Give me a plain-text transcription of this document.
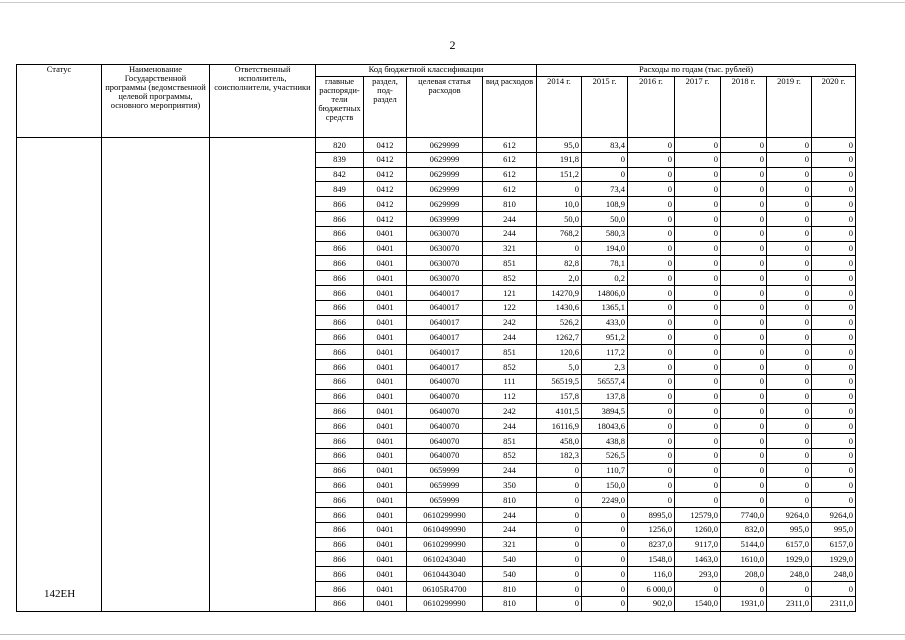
2
Статус	Наименование Государственной программы (ведомственной целевой программы, основного мероприятия)	Ответственный исполнитель, соисполнители, участники	Код бюджетной классификации				Расходы по годам (тыс. рублей)						
			главные распоряди-тели бюджетных средств	раздел, под-раздел	целевая статья расходов	вид расходов	2014 г.	2015 г.	2016 г.	2017 г.	2018 г.	2019 г.	2020 г.
			820	0412	0629999	612	95,0	83,4	0	0	0	0	0
			839	0412	0629999	612	191,8	0	0	0	0	0	0
			842	0412	0629999	612	151,2	0	0	0	0	0	0
			849	0412	0629999	612	0	73,4	0	0	0	0	0
			866	0412	0629999	810	10,0	108,9	0	0	0	0	0
			866	0412	0639999	244	50,0	50,0	0	0	0	0	0
			866	0401	0630070	244	768,2	580,3	0	0	0	0	0
			866	0401	0630070	321	0	194,0	0	0	0	0	0
			866	0401	0630070	851	82,8	78,1	0	0	0	0	0
			866	0401	0630070	852	2,0	0,2	0	0	0	0	0
			866	0401	0640017	121	14270,9	14806,0	0	0	0	0	0
			866	0401	0640017	122	1430,6	1365,1	0	0	0	0	0
			866	0401	0640017	242	526,2	433,0	0	0	0	0	0
			866	0401	0640017	244	1262,7	951,2	0	0	0	0	0
			866	0401	0640017	851	120,6	117,2	0	0	0	0	0
			866	0401	0640017	852	5,0	2,3	0	0	0	0	0
			866	0401	0640070	111	56519,5	56557,4	0	0	0	0	0
			866	0401	0640070	112	157,8	137,8	0	0	0	0	0
			866	0401	0640070	242	4101,5	3894,5	0	0	0	0	0
			866	0401	0640070	244	16116,9	18043,6	0	0	0	0	0
			866	0401	0640070	851	458,0	438,8	0	0	0	0	0
			866	0401	0640070	852	182,3	526,5	0	0	0	0	0
			866	0401	0659999	244	0	110,7	0	0	0	0	0
			866	0401	0659999	350	0	150,0	0	0	0	0	0
			866	0401	0659999	810	0	2249,0	0	0	0	0	0
			866	0401	0610299990	244	0	0	8995,0	12579,0	7740,0	9264,0	9264,0
			866	0401	0610499990	244	0	0	1256,0	1260,0	832,0	995,0	995,0
			866	0401	0610299990	321	0	0	8237,0	9117,0	5144,0	6157,0	6157,0
			866	0401	0610243040	540	0	0	1548,0	1463,0	1610,0	1929,0	1929,0
			866	0401	0610443040	540	0	0	116,0	293,0	208,0	248,0	248,0
			866	0401	06105R4700	810	0	0	6 000,0	0	0	0	0
			866	0401	0610299990	810	0	0	902,0	1540,0	1931,0	2311,0	2311,0
142ЕН
